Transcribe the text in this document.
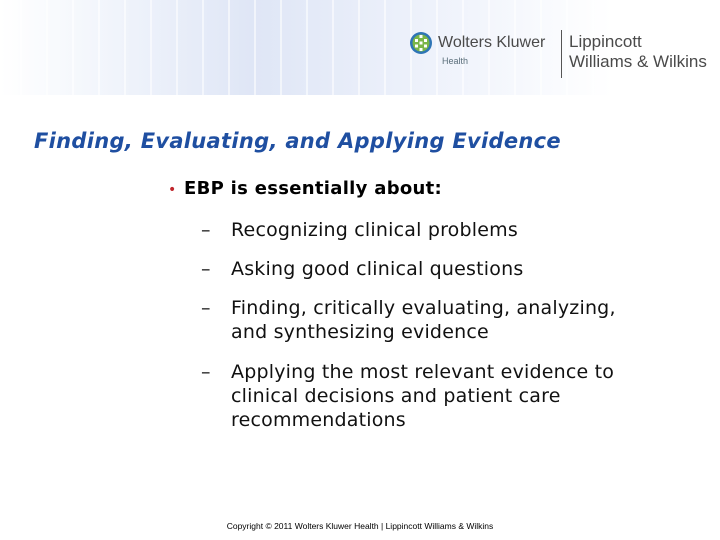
Wolters Kluwer
Health
Lippincott
Williams & Wilkins
Finding, Evaluating, and Applying Evidence
• EBP is essentially about:
–	Recognizing clinical problems
–	Asking good clinical questions
–	Finding, critically evaluating, analyzing,
and synthesizing evidence
–	Applying the most relevant evidence to
clinical decisions and patient care
recommendations
Copyright © 2011 Wolters Kluwer Health | Lippincott Williams & Wilkins
